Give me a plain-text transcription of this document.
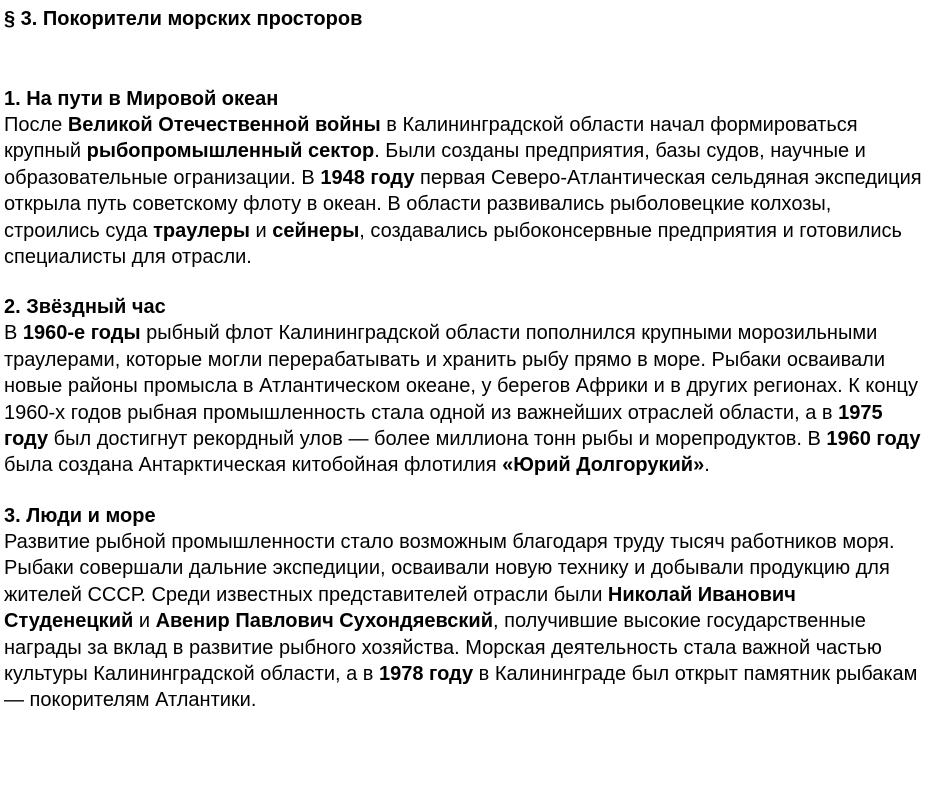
§ 3. Покорители морских просторов
1. На пути в Мировой океан

После Великой Отечественной войны в Калининградской области начал формироваться крупный рыбопромышленный сектор. Были созданы предприятия, базы судов, научные и образовательные огранизации. В 1948 году первая Северо-Атлантическая сельдяная экспедиция открыла путь советскому флоту в океан. В области развивались рыболовецкие колхозы, строились суда траулеры и сейнеры, создавались рыбоконсервные предприятия и готовились специалисты для отрасли.

2. Звёздный час

В 1960-е годы рыбный флот Калининградской области пополнился крупными морозильными траулерами, которые могли перерабатывать и хранить рыбу прямо в море. Рыбаки осваивали новые районы промысла в Атлантическом океане, у берегов Африки и в других регионах. К концу 1960-х годов рыбная промышленность стала одной из важнейших отраслей области, а в 1975 году был достигнут рекордный улов — более миллиона тонн рыбы и морепродуктов. В 1960 году была создана Антарктическая китобойная флотилия «Юрий Долгорукий».

3. Люди и море

Развитие рыбной промышленности стало возможным благодаря труду тысяч работников моря. Рыбаки совершали дальние экспедиции, осваивали новую технику и добывали продукцию для жителей СССР. Среди известных представителей отрасли были Николай Иванович Студенецкий и Авенир Павлович Сухондяевский, получившие высокие государственные награды за вклад в развитие рыбного хозяйства. Морская деятельность стала важной частью культуры Калининградской области, а в 1978 году в Калининграде был открыт памятник рыбакам — покорителям Атлантики.
